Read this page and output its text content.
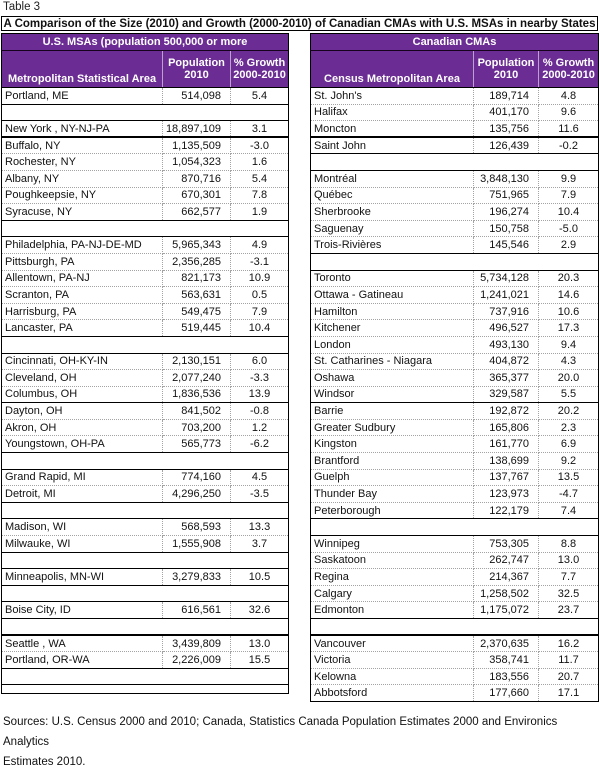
Table 3
A Comparison of the Size (2010) and Growth (2000-2010) of Canadian CMAs with U.S. MSAs in nearby States
U.S. MSAs (population 500,000 or more		
Metropolitan Statistical Area	Population 2010	% Growth 2000-2010
Portland, ME	514,098	5.4

New York , NY-NJ-PA	18,897,109	3.1
Buffalo, NY	1,135,509	-3.0
Rochester, NY	1,054,323	1.6
Albany, NY	870,716	5.4
Poughkeepsie, NY	670,301	7.8
Syracuse, NY	662,577	1.9

Philadelphia, PA-NJ-DE-MD	5,965,343	4.9
Pittsburgh, PA	2,356,285	-3.1
Allentown, PA-NJ	821,173	10.9
Scranton, PA	563,631	0.5
Harrisburg, PA	549,475	7.9
Lancaster, PA	519,445	10.4

Cincinnati, OH-KY-IN	2,130,151	6.0
Cleveland, OH	2,077,240	-3.3
Columbus, OH	1,836,536	13.9
Dayton, OH	841,502	-0.8
Akron, OH	703,200	1.2
Youngstown, OH-PA	565,773	-6.2

Grand Rapid, MI	774,160	4.5
Detroit, MI	4,296,250	-3.5

Madison, WI	568,593	13.3
Milwauke, WI	1,555,908	3.7

Minneapolis, MN-WI	3,279,833	10.5

Boise City, ID	616,561	32.6

Seattle , WA	3,439,809	13.0
Portland, OR-WA	2,226,009	15.5

Canadian CMAs		
Census Metropolitan Area	Population 2010	% Growth 2000-2010
St. John's	189,714	4.8
Halifax	401,170	9.6
Moncton	135,756	11.6
Saint John	126,439	-0.2

Montréal	3,848,130	9.9
Québec	751,965	7.9
Sherbrooke	196,274	10.4
Saguenay	150,758	-5.0
Trois-Rivières	145,546	2.9

Toronto	5,734,128	20.3
Ottawa - Gatineau	1,241,021	14.6
Hamilton	737,916	10.6
Kitchener	496,527	17.3
London	493,130	9.4
St. Catharines - Niagara	404,872	4.3
Oshawa	365,377	20.0
Windsor	329,587	5.5
Barrie	192,872	20.2
Greater Sudbury	165,806	2.3
Kingston	161,770	6.9
Brantford	138,699	9.2
Guelph	137,767	13.5
Thunder Bay	123,973	-4.7
Peterborough	122,179	7.4

Winnipeg	753,305	8.8
Saskatoon	262,747	13.0
Regina	214,367	7.7
Calgary	1,258,502	32.5
Edmonton	1,175,072	23.7

Vancouver	2,370,635	16.2
Victoria	358,741	11.7
Kelowna	183,556	20.7
Abbotsford	177,660	17.1
Sources: U.S. Census 2000 and 2010; Canada, Statistics Canada Population Estimates 2000 and Environics Analytics
Estimates 2010.
